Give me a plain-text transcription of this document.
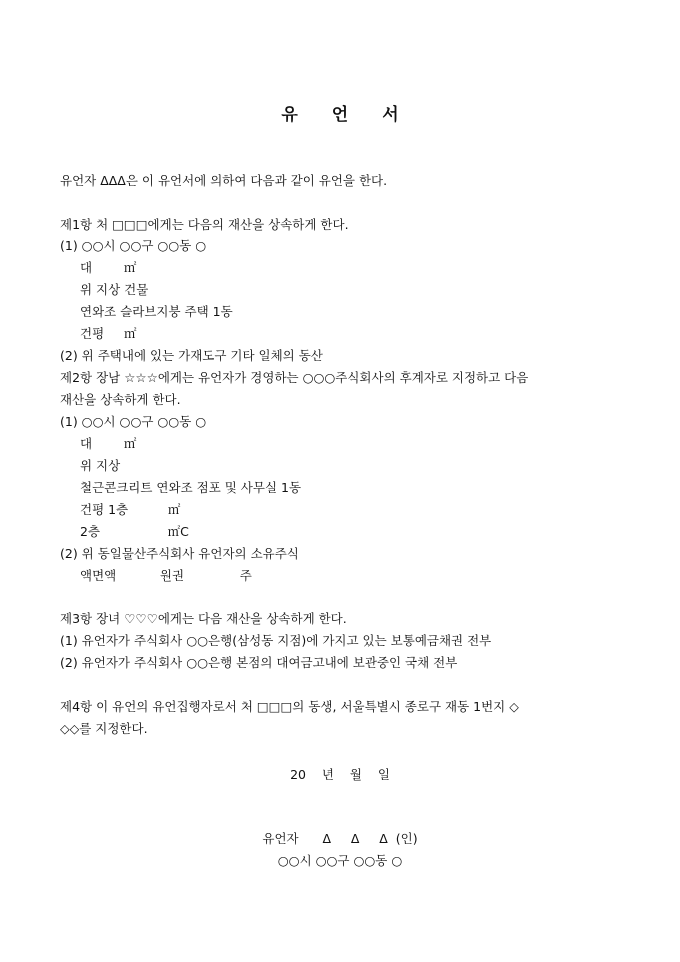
유 언 서
유언자 ΔΔΔ은 이 유언서에 의하여 다음과 같이 유언을 한다.
제1항 처 □□□에게는 다음의 재산을 상속하게 한다.
(1) ○○시 ○○구 ○○동 ○
대        ㎡
위 지상 건물
연와조 슬라브지붕 주택 1동
건평     ㎡
(2) 위 주택내에 있는 가재도구 기타 일체의 동산
제2항 장남 ☆☆☆에게는 유언자가 경영하는 ○○○주식회사의 후계자로 지정하고 다음
재산을 상속하게 한다.
(1) ○○시 ○○구 ○○동 ○
대        ㎡
위 지상
철근콘크리트 연와조 점포 및 사무실 1동
건평 1층          ㎡
2층                 ㎡C
(2) 위 동일물산주식회사 유언자의 소유주식
액면액           원권              주
제3항 장녀 ♡♡♡에게는 다음 재산을 상속하게 한다.
(1) 유언자가 주식회사 ○○은행(삼성동 지점)에 가지고 있는 보통예금채권 전부
(2) 유언자가 주식회사 ○○은행 본점의 대여금고내에 보관중인 국채 전부
제4항 이 유언의 유언집행자로서 처 □□□의 동생, 서울특별시 종로구 재동 1번지 ◇
◇◇를 지정한다.
20    년    월    일
유언자      Δ     Δ     Δ  (인)
○○시 ○○구 ○○동 ○
